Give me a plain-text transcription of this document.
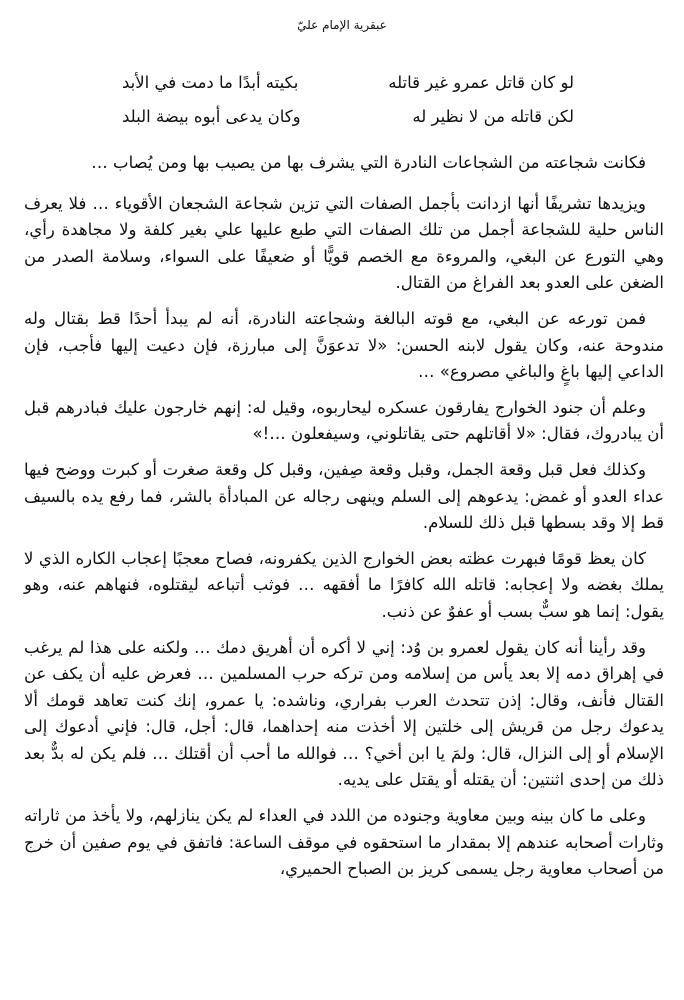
عبقرية الإمام عليّ
لو كان قاتل عمرو غير قاتله
بكيته أبدًا ما دمت في الأبد
لكن قاتله من لا نظير له
وكان يدعى أبوه بيضة البلد

فكانت شجاعته من الشجاعات النادرة التي يشرف بها من يصيب بها ومن يُصاب …

ويزيدها تشريفًا أنها ازدانت بأجمل الصفات التي تزين شجاعة الشجعان الأقوياء … فلا يعرف الناس حلية للشجاعة أجمل من تلك الصفات التي طبع عليها علي بغير كلفة ولا مجاهدة رأي، وهي التورع عن البغي، والمروءة مع الخصم قويًّا أو ضعيفًا على السواء، وسلامة الصدر من الضغن على العدو بعد الفراغ من القتال.

فمن تورعه عن البغي، مع قوته البالغة وشجاعته النادرة، أنه لم يبدأ أحدًا قط بقتال وله مندوحة عنه، وكان يقول لابنه الحسن: «لا تدعوَنَّ إلى مبارزة، فإن دعيت إليها فأجب، فإن الداعي إليها باغٍ والباغي مصروع» …

وعلم أن جنود الخوارج يفارقون عسكره ليحاربوه، وقيل له: إنهم خارجون عليك فبادرهم قبل أن يبادروك، فقال: «لا أقاتلهم حتى يقاتلوني، وسيفعلون …!»

وكذلك فعل قبل وقعة الجمل، وقبل وقعة صِفين، وقبل كل وقعة صغرت أو كبرت ووضح فيها عداء العدو أو غمض: يدعوهم إلى السلم وينهى رجاله عن المبادأة بالشر، فما رفع يده بالسيف قط إلا وقد بسطها قبل ذلك للسلام.

كان يعظ قومًا فبهرت عظته بعض الخوارج الذين يكفرونه، فصاح معجبًا إعجاب الكاره الذي لا يملك بغضه ولا إعجابه: قاتله الله كافرًا ما أفقهه … فوثب أتباعه ليقتلوه، فنهاهم عنه، وهو يقول: إنما هو سبٌّ بسب أو عفوٌ عن ذنب.

وقد رأينا أنه كان يقول لعمرو بن وُد: إني لا أكره أن أهريق دمك … ولكنه على هذا لم يرغب في إهراق دمه إلا بعد يأس من إسلامه ومن تركه حرب المسلمين … فعرض عليه أن يكف عن القتال فأنف، وقال: إذن تتحدث العرب بفراري، وناشده: يا عمرو، إنك كنت تعاهد قومك ألا يدعوك رجل من قريش إلى خلتين إلا أخذت منه إحداهما، قال: أجل، قال: فإني أدعوك إلى الإسلام أو إلى النزال، قال: ولمَ يا ابن أخي؟ … فوالله ما أحب أن أقتلك … فلم يكن له بدٌّ بعد ذلك من إحدى اثنتين: أن يقتله أو يقتل على يديه.

وعلى ما كان بينه وبين معاوية وجنوده من اللدد في العداء لم يكن ينازلهم، ولا يأخذ من ثاراته وثارات أصحابه عندهم إلا بمقدار ما استحقوه في موقف الساعة: فاتفق في يوم صفين أن خرج من أصحاب معاوية رجل يسمى كريز بن الصباح الحميري،
